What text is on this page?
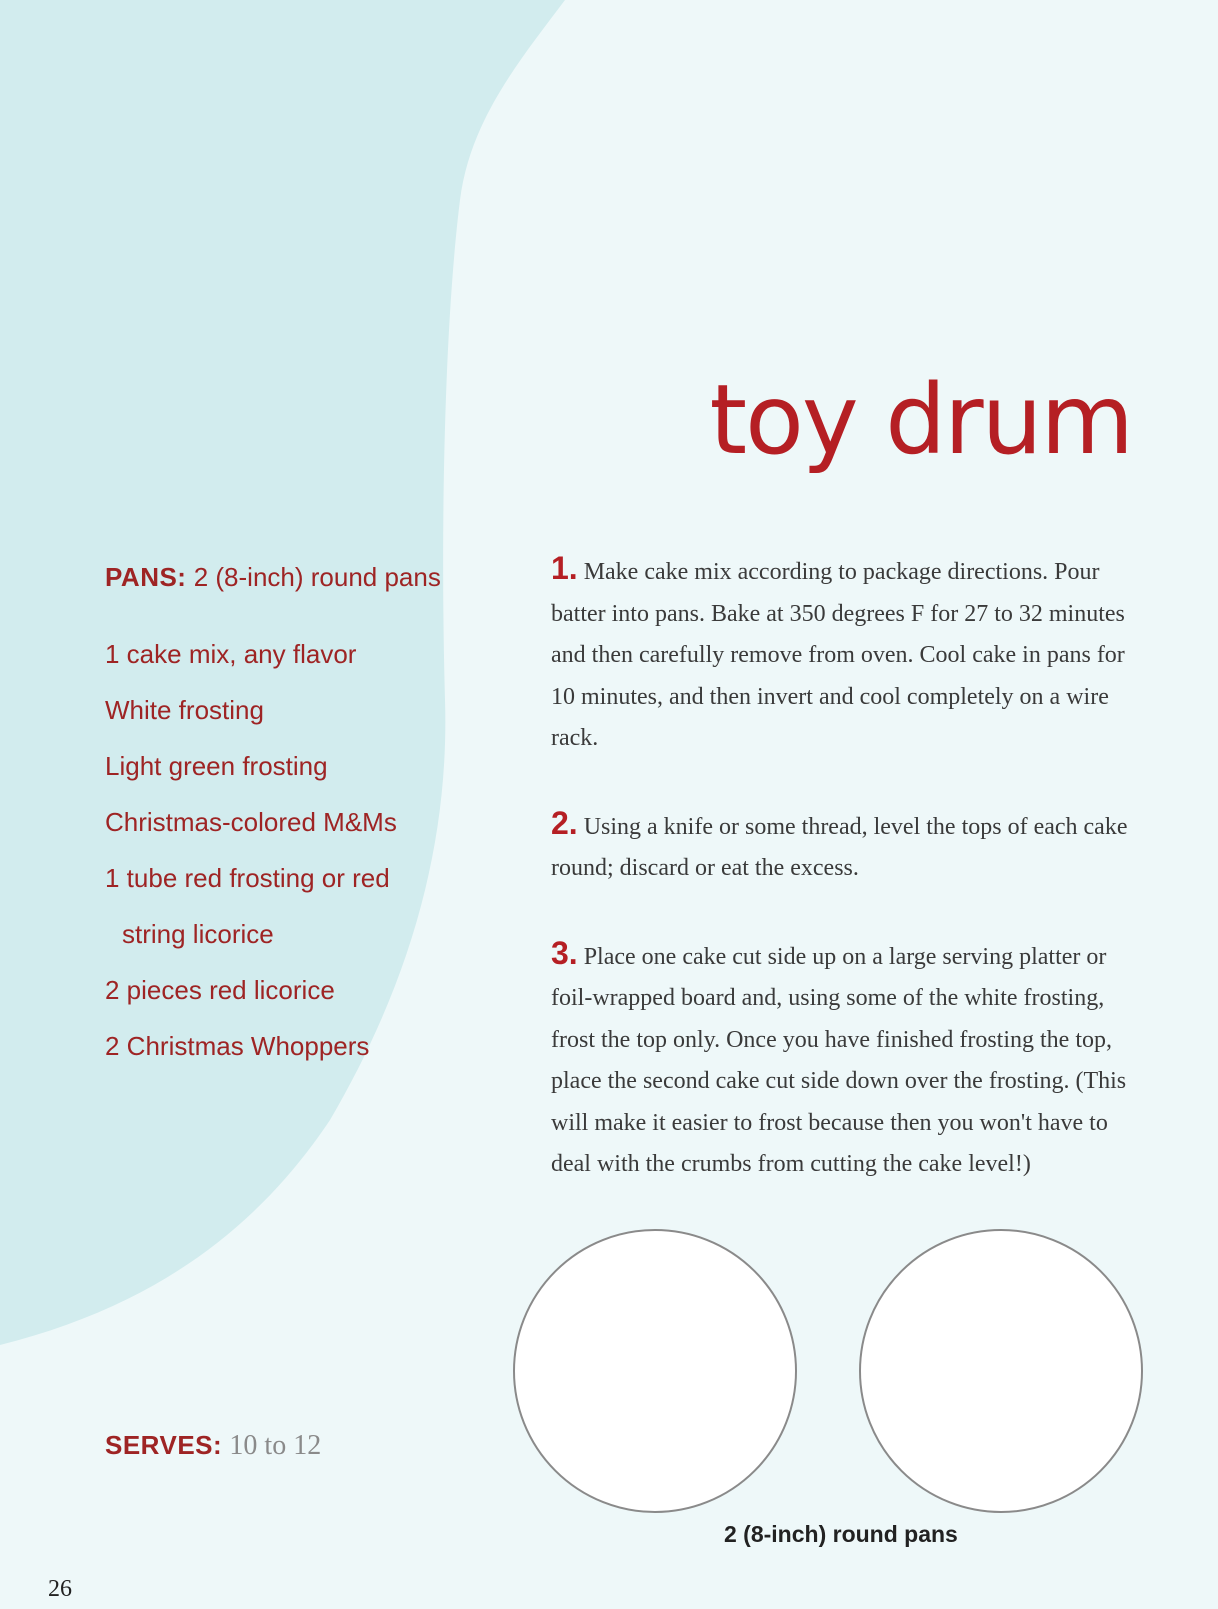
toy drum
PANS: 2 (8-inch) round pans
1 cake mix, any flavor
White frosting
Light green frosting
Christmas-colored M&Ms
1 tube red frosting or red
string licorice
2 pieces red licorice
2 Christmas Whoppers
SERVES: 10 to 12

1. Make cake mix according to package directions. Pour batter into pans. Bake at 350 degrees F for 27 to 32 minutes and then carefully remove from oven. Cool cake in pans for 10 minutes, and then invert and cool completely on a wire rack.

2. Using a knife or some thread, level the tops of each cake round; discard or eat the excess.

3. Place one cake cut side up on a large serving platter or foil-wrapped board and, using some of the white frosting, frost the top only. Once you have finished frosting the top, place the second cake cut side down over the frosting. (This will make it easier to frost because then you won't have to deal with the crumbs from cutting the cake level!)

2 (8-inch) round pans
26
